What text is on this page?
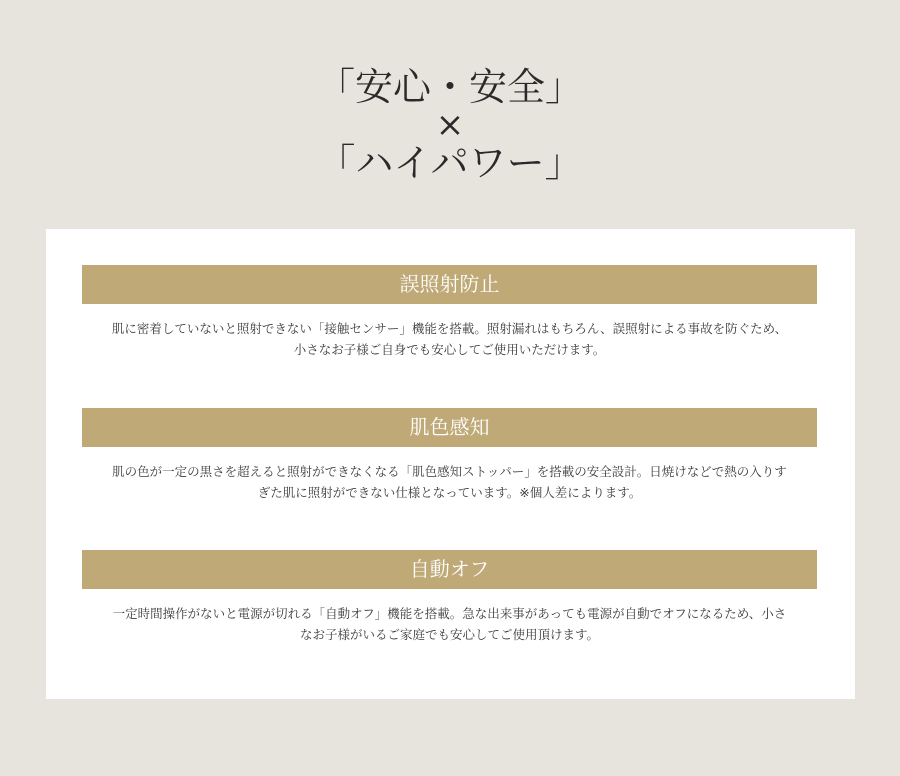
「安心・安全」
×
「ハイパワー」
誤照射防止
肌に密着していないと照射できない「接触センサー」機能を搭載。照射漏れはもちろん、誤照射による事故を防ぐため、
小さなお子様ご自身でも安心してご使用いただけます。
肌色感知
肌の色が一定の黒さを超えると照射ができなくなる「肌色感知ストッパー」を搭載の安全設計。日焼けなどで熱の入りす
ぎた肌に照射ができない仕様となっています。※個人差によります。
自動オフ
一定時間操作がないと電源が切れる「自動オフ」機能を搭載。急な出来事があっても電源が自動でオフになるため、小さ
なお子様がいるご家庭でも安心してご使用頂けます。
